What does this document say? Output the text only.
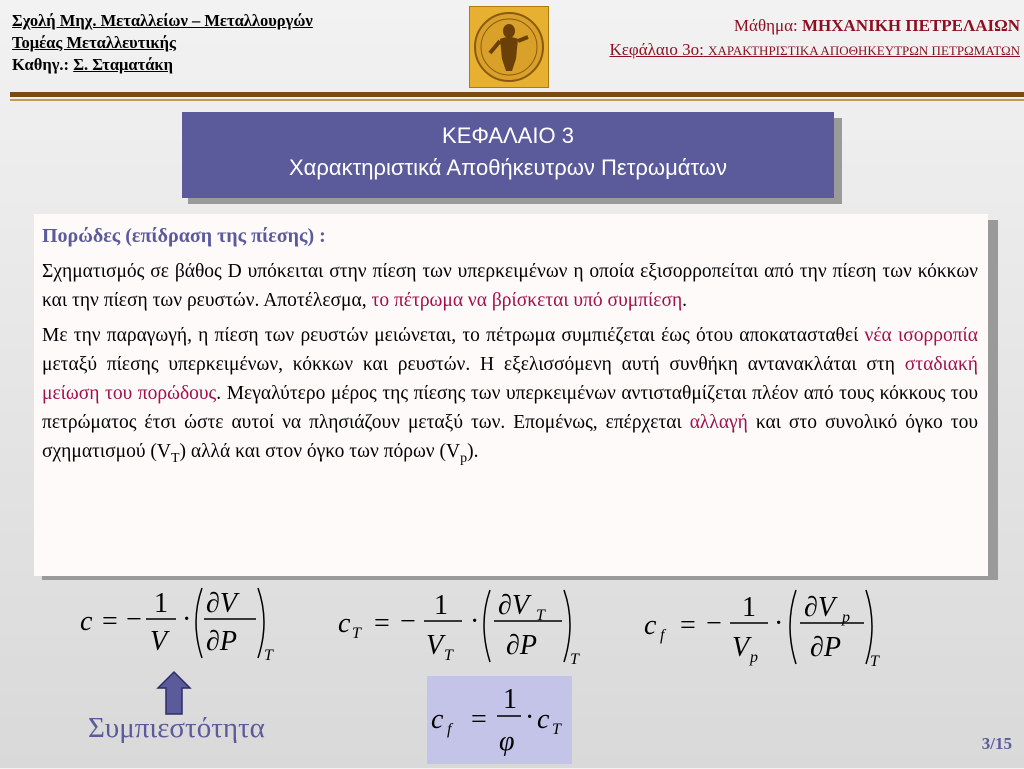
Σχολή Μηχ. Μεταλλείων – Μεταλλουργών
Τομέας Μεταλλευτικής
Καθηγ.: Σ. Σταματάκη
Μάθημα: ΜΗΧΑΝΙΚΗ ΠΕΤΡΕΛΑΙΩΝ
Κεφάλαιο 3ο: ΧΑΡΑΚΤΗΡΙΣΤΙΚΑ ΑΠΟΘΗΚΕΥΤΡΩΝ ΠΕΤΡΩΜΑΤΩΝ
ΚΕΦΑΛΑΙΟ 3
Χαρακτηριστικά Αποθήκευτρων Πετρωμάτων
Πορώδες (επίδραση της πίεσης) :

Σχηματισμός σε βάθος D υπόκειται στην πίεση των υπερκειμένων η οποία εξισορροπείται από την πίεση των κόκκων και την πίεση των ρευστών. Αποτέλεσμα, το πέτρωμα να βρίσκεται υπό συμπίεση.

Με την παραγωγή, η πίεση των ρευστών μειώνεται, το πέτρωμα συμπιέζεται έως ότου αποκατασταθεί νέα ισορροπία μεταξύ πίεσης υπερκειμένων, κόκκων και ρευστών. Η εξελισσόμενη αυτή συνθήκη αντανακλάται στη σταδιακή μείωση του πορώδους. Μεγαλύτερο μέρος της πίεσης των υπερκειμένων αντισταθμίζεται πλέον από τους κόκκους του πετρώματος έτσι ώστε αυτοί να πλησιάζουν μεταξύ των. Επομένως, επέρχεται αλλαγή και στο συνολικό όγκο του σχηματισμού $(V_T)$ αλλά και στον όγκο των πόρων $(V_p)$.

c = −
1
V
·
∂V
∂P T
c T = −
1
V T
·
∂V T
∂P T
c f = −
1
V p
·
∂V p
∂P T
Συμπιεστότητα	c f =
1
φ
· c T
3/15
